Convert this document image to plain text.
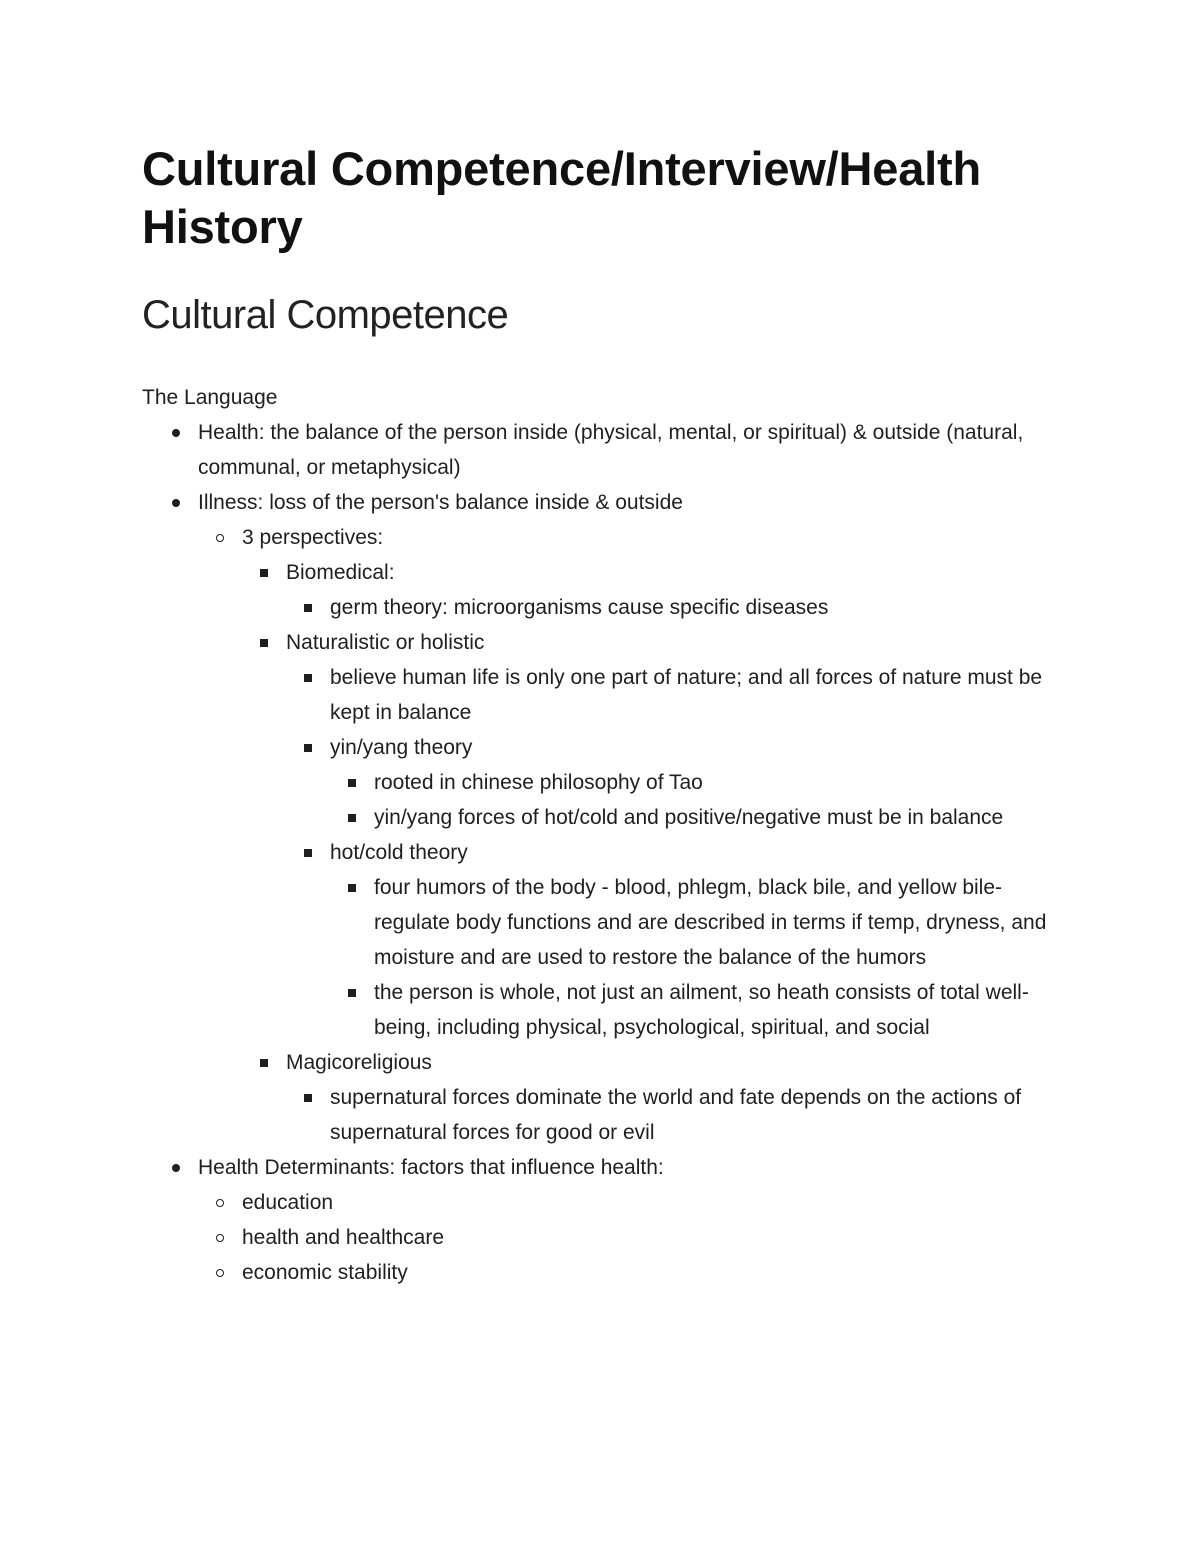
Cultural Competence/Interview/Health History
Cultural Competence
The Language
Health: the balance of the person inside (physical, mental, or spiritual) & outside (natural, communal, or metaphysical)
Illness: loss of the person's balance inside & outside
3 perspectives:
Biomedical:
germ theory: microorganisms cause specific diseases
Naturalistic or holistic
believe human life is only one part of nature; and all forces of nature must be kept in balance
yin/yang theory
rooted in chinese philosophy of Tao
yin/yang forces of hot/cold and positive/negative must be in balance
hot/cold theory
four humors of the body - blood, phlegm, black bile, and yellow bile- regulate body functions and are described in terms if temp, dryness, and moisture and are used to restore the balance of the humors
the person is whole, not just an ailment, so heath consists of total well-being, including physical, psychological, spiritual, and social
Magicoreligious
supernatural forces dominate the world and fate depends on the actions of supernatural forces for good or evil
Health Determinants: factors that influence health:
education
health and healthcare
economic stability
